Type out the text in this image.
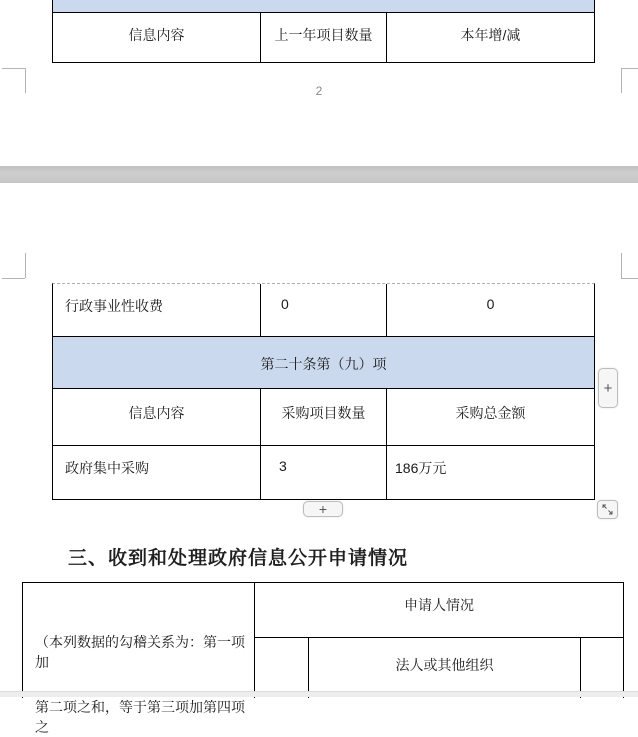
信息内容	上一年项目数量	本年增/减
2
行政事业性收费	0	0
第二十条第（九）项
信息内容	采购项目数量	采购总金额
政府集中采购	3	186万元
+
+
三、收到和处理政府信息公开申请情况
（本列数据的勾稽关系为：第一项加
第二项之和，等于第三项加第四项之
申请人情况
法人或其他组织
